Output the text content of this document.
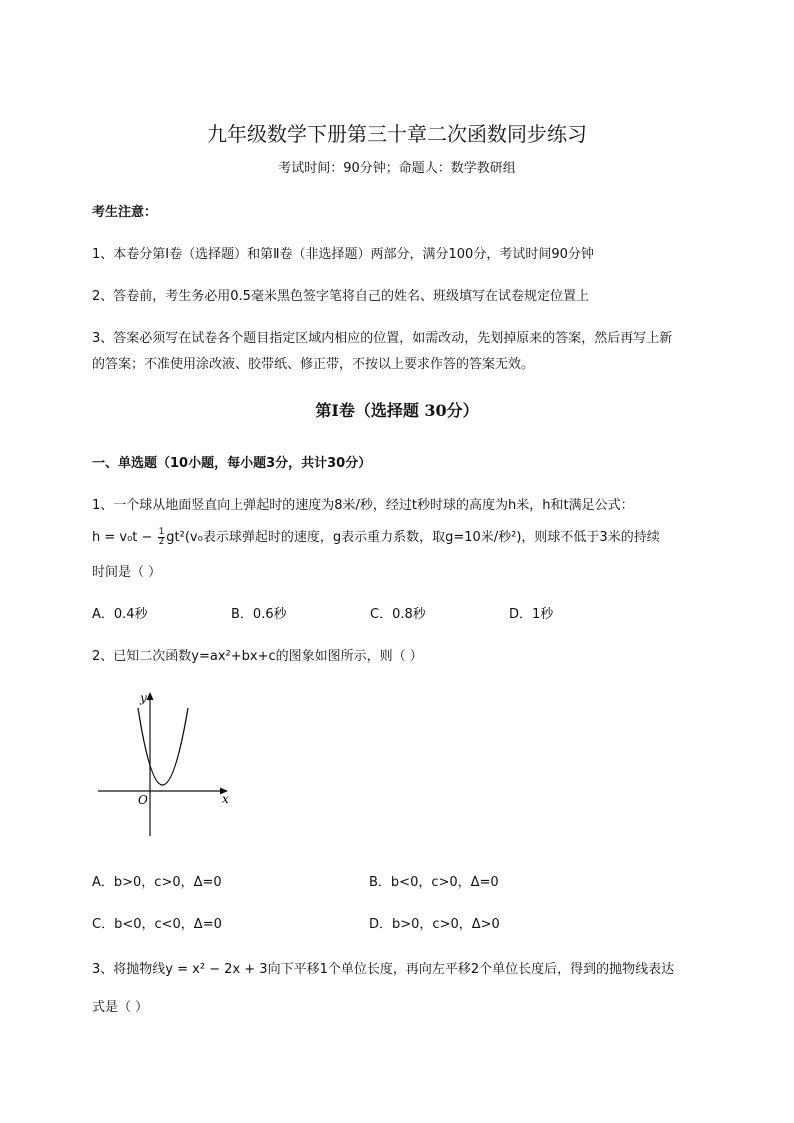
九年级数学下册第三十章二次函数同步练习
考试时间：90分钟；命题人：数学教研组
考生注意：
1、本卷分第I卷（选择题）和第Ⅱ卷（非选择题）两部分，满分100分，考试时间90分钟
2、答卷前，考生务必用0.5毫米黑色签字笔将自己的姓名、班级填写在试卷规定位置上
3、答案必须写在试卷各个题目指定区域内相应的位置，如需改动，先划掉原来的答案，然后再写上新
的答案；不准使用涂改液、胶带纸、修正带，不按以上要求作答的答案无效。
第I卷（选择题 30分）
一、单选题（10小题，每小题3分，共计30分）
1、一个球从地面竖直向上弹起时的速度为8米/秒，经过t秒时球的高度为h米，h和t满足公式：
$h = v_0t - \frac{1}{2} gt^2(v_0$表示球弹起时的速度，g表示重力系数，取g=10米/秒²)，则球不低于3米的持续
时间是（ ）
A．0.4秒	B．0.6秒	C．0.8秒	D．1秒
2、已知二次函数y=ax²+bx+c的图象如图所示，则（ ）
x
y
O
A．b>0，c>0，Δ=0	B．b<0，c>0，Δ=0
C．b<0，c<0，Δ=0	D．b>0，c>0，Δ>0
3、将抛物线y = x² − 2x + 3向下平移1个单位长度，再向左平移2个单位长度后，得到的抛物线表达
式是（ ）
